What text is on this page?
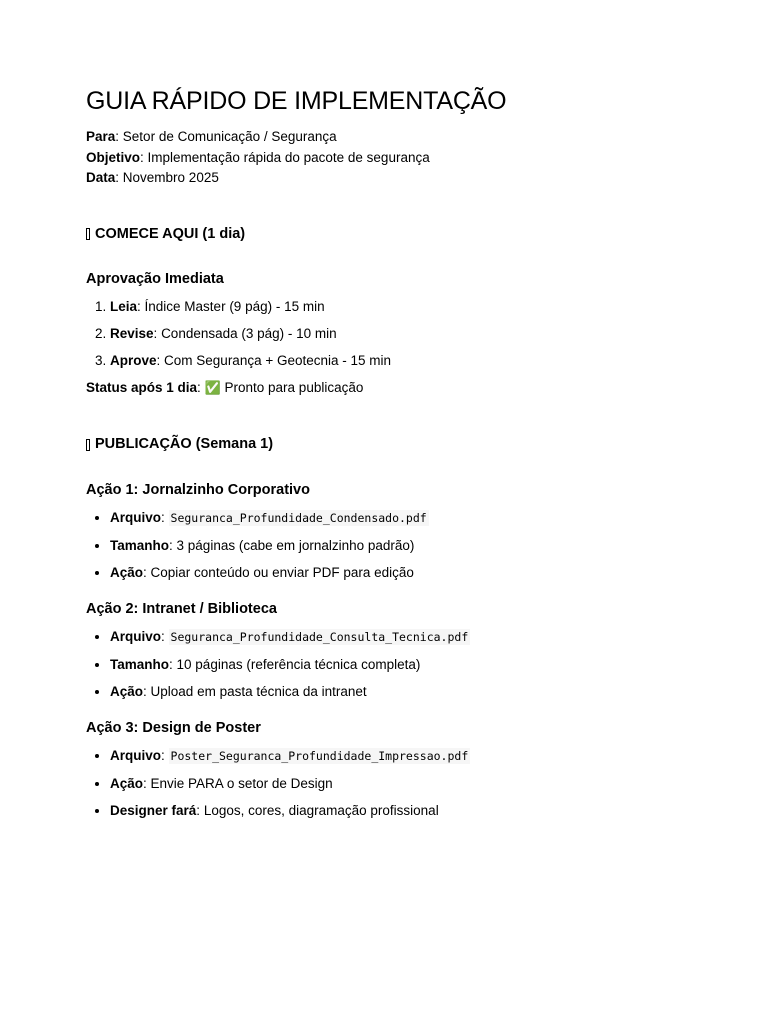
GUIA RÁPIDO DE IMPLEMENTAÇÃO

Para: Setor de Comunicação / Segurança

Objetivo: Implementação rápida do pacote de segurança

Data: Novembro 2025

COMECE AQUI (1 dia)
Aprovação Imediata
1. Leia: Índice Master (9 pág) - 15 min
2. Revise: Condensada (3 pág) - 10 min
3. Aprove: Com Segurança + Geotecnia - 15 min

Status após 1 dia: ✅ Pronto para publicação

PUBLICAÇÃO (Semana 1)
Ação 1: Jornalzinho Corporativo
• Arquivo: Seguranca_Profundidade_Condensado.pdf
• Tamanho: 3 páginas (cabe em jornalzinho padrão)
• Ação: Copiar conteúdo ou enviar PDF para edição
Ação 2: Intranet / Biblioteca
• Arquivo: Seguranca_Profundidade_Consulta_Tecnica.pdf
• Tamanho: 10 páginas (referência técnica completa)
• Ação: Upload em pasta técnica da intranet
Ação 3: Design de Poster
• Arquivo: Poster_Seguranca_Profundidade_Impressao.pdf
• Ação: Envie PARA o setor de Design
• Designer fará: Logos, cores, diagramação profissional
